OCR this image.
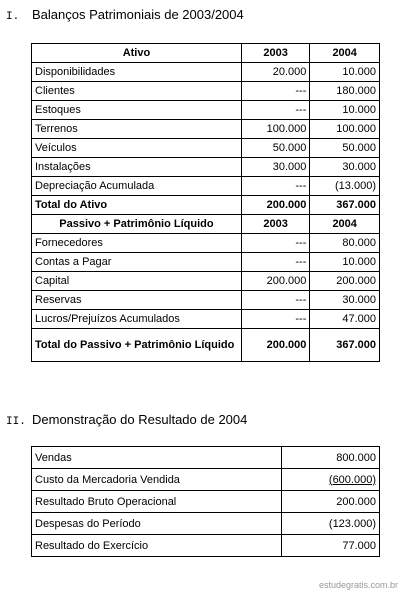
I. Balanços Patrimoniais de 2003/2004
Ativo	2003	2004
Disponibilidades	20.000	10.000
Clientes	---	180.000
Estoques	---	10.000
Terrenos	100.000	100.000
Veículos	50.000	50.000
Instalações	30.000	30.000
Depreciação Acumulada	---	(13.000)
Total do Ativo	200.000	367.000
Passivo + Patrimônio Líquido	2003	2004
Fornecedores	---	80.000
Contas a Pagar	---	10.000
Capital	200.000	200.000
Reservas	---	30.000
Lucros/Prejuízos Acumulados	---	47.000
Total do Passivo + Patrimônio Líquido	200.000	367.000
II. Demonstração do Resultado de 2004
Vendas	800.000
Custo da Mercadoria Vendida	(600.000)
Resultado Bruto Operacional	200.000
Despesas do Período	(123.000)
Resultado do Exercício	77.000
estudegratis.com.br
